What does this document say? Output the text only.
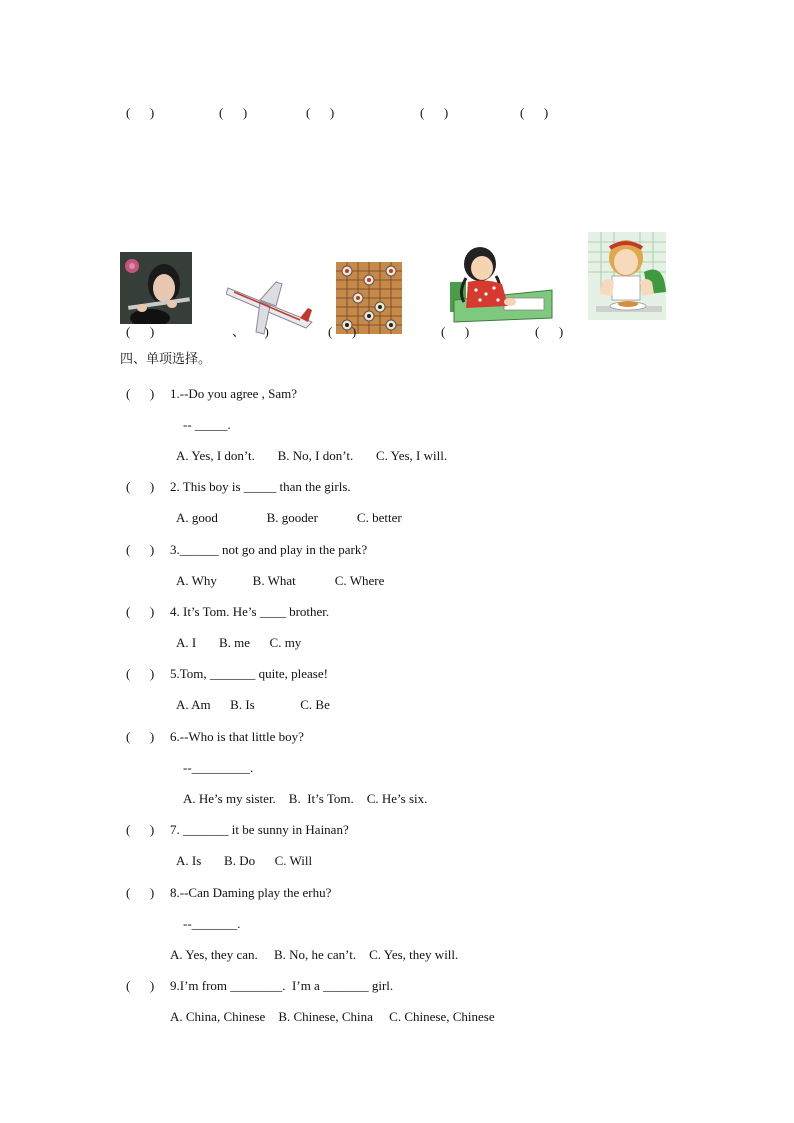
(      )	(      )	(      )	(      )	(      )
(      )	、      )	(      )	(      )	(      )
四、单项选择。
(      ) 1.--Do you agree , Sam?
-- _____.
A. Yes, I don’t.       B. No, I don’t.       C. Yes, I will.
(      ) 2. This boy is _____ than the girls.
A. good               B. gooder            C. better
(      ) 3.______ not go and play in the park?
A. Why           B. What            C. Where
(      ) 4. It’s Tom. He’s ____ brother.
A. I       B. me      C. my
(      ) 5.Tom, _______ quite, please!
A. Am      B. Is              C. Be
(      ) 6.--Who is that little boy?
--_________.
A. He’s my sister.    B.  It’s Tom.    C. He’s six.
(      ) 7. _______ it be sunny in Hainan?
A. Is       B. Do      C. Will
(      ) 8.--Can Daming play the erhu?
--_______.
A. Yes, they can.     B. No, he can’t.    C. Yes, they will.
(      ) 9.I’m from ________.  I’m a _______ girl.
A. China, Chinese    B. Chinese, China     C. Chinese, Chinese
